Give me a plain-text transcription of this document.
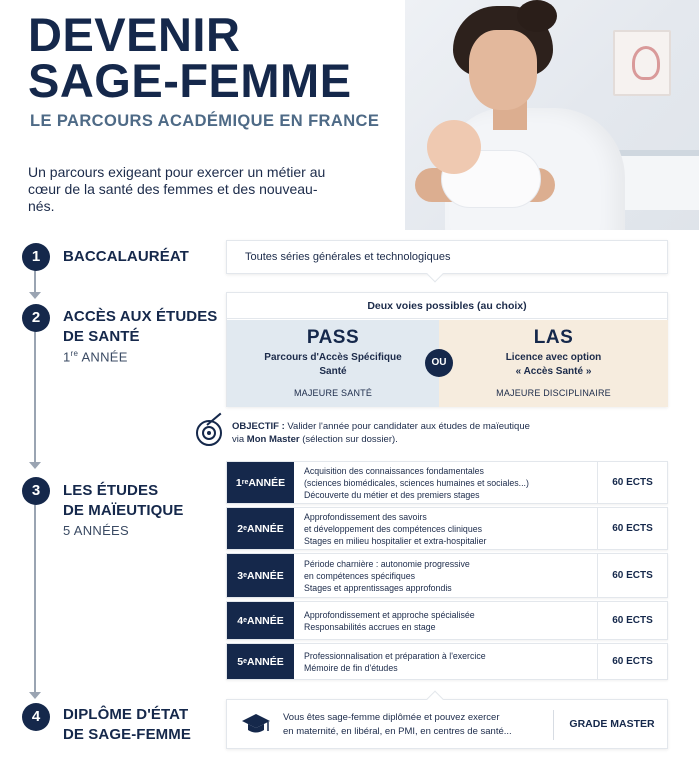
DEVENIR
SAGE-FEMME
LE PARCOURS ACADÉMIQUE EN FRANCE
Un parcours exigeant pour exercer un métier au cœur de la santé des femmes et des nouveau-nés.
1	BACCALAURÉAT
2	ACCÈS AUX ÉTUDES
DE SANTÉ
1re ANNÉE
3	LES ÉTUDES
DE MAÏEUTIQUE
5 ANNÉES
4	DIPLÔME D'ÉTAT
DE SAGE-FEMME
Toutes séries générales et technologiques
Deux voies possibles (au choix)
PASS
Parcours d'Accès Spécifique
Santé
MAJEURE SANTÉ
LAS
Licence avec option
« Accès Santé »
MAJEURE DISCIPLINAIRE
OU
OBJECTIF : Valider l'année pour candidater aux études de maïeutique
via Mon Master (sélection sur dossier).
1 re ANNÉE
Acquisition des connaissances fondamentales
(sciences biomédicales, sciences humaines et sociales...)
Découverte du métier et des premiers stages
60 ECTS
2 e ANNÉE
Approfondissement des savoirs
et développement des compétences cliniques
Stages en milieu hospitalier et extra-hospitalier
60 ECTS
3 e ANNÉE
Période charnière : autonomie progressive
en compétences spécifiques
Stages et apprentissages approfondis
60 ECTS
4 e ANNÉE Approfondissement et approche spécialisée
Responsabilités accrues en stage
60 ECTS
5 e ANNÉE Professionnalisation et préparation à l'exercice
Mémoire de fin d'études
60 ECTS
Vous êtes sage-femme diplômée et pouvez exercer
en maternité, en libéral, en PMI, en centres de santé...
GRADE MASTER
